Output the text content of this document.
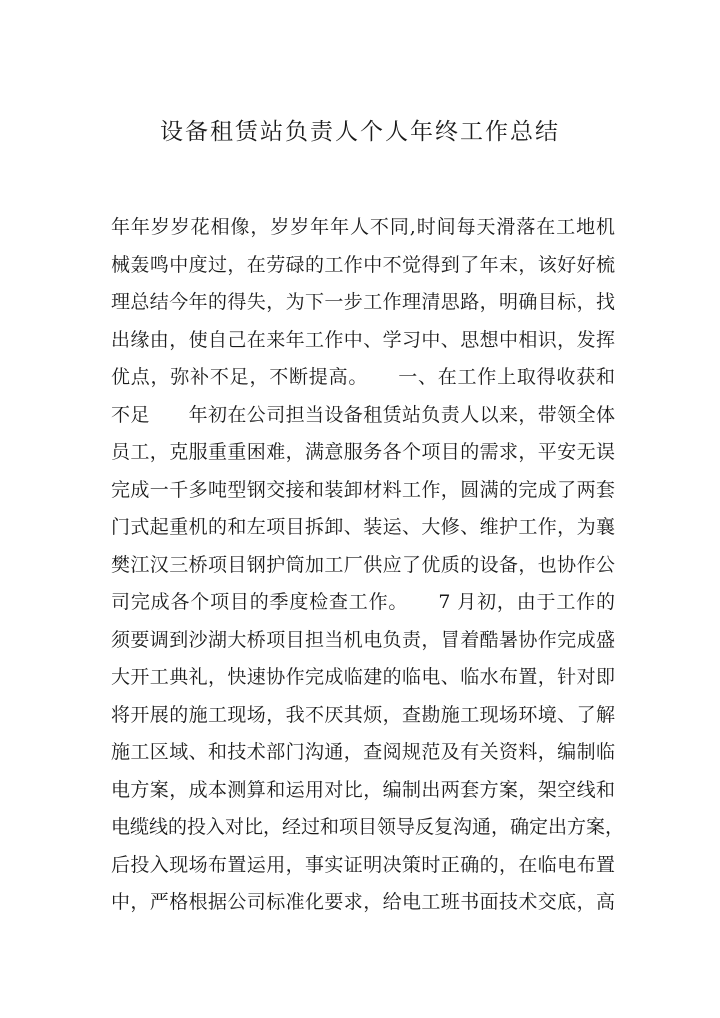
设备租赁站负责人个人年终工作总结
年年岁岁花相像，岁岁年年人不同,时间每天滑落在工地机
械轰鸣中度过，在劳碌的工作中不觉得到了年末，该好好梳
理总结今年的得失，为下一步工作理清思路，明确目标，找
出缘由，使自己在来年工作中、学习中、思想中相识，发挥
优点，弥补不足，不断提高。　　一、在工作上取得收获和
不足　　年初在公司担当设备租赁站负责人以来，带领全体
员工，克服重重困难，满意服务各个项目的需求，平安无误
完成一千多吨型钢交接和装卸材料工作，圆满的完成了两套
门式起重机的和左项目拆卸、装运、大修、维护工作，为襄
樊江汉三桥项目钢护筒加工厂供应了优质的设备，也协作公
司完成各个项目的季度检查工作。　　7 月初，由于工作的
须要调到沙湖大桥项目担当机电负责，冒着酷暑协作完成盛
大开工典礼，快速协作完成临建的临电、临水布置，针对即
将开展的施工现场，我不厌其烦，查勘施工现场环境、了解
施工区域、和技术部门沟通，查阅规范及有关资料，编制临
电方案，成本测算和运用对比，编制出两套方案，架空线和
电缆线的投入对比，经过和项目领导反复沟通，确定出方案，
后投入现场布置运用，事实证明决策时正确的，在临电布置
中，严格根据公司标准化要求，给电工班书面技术交底，高
